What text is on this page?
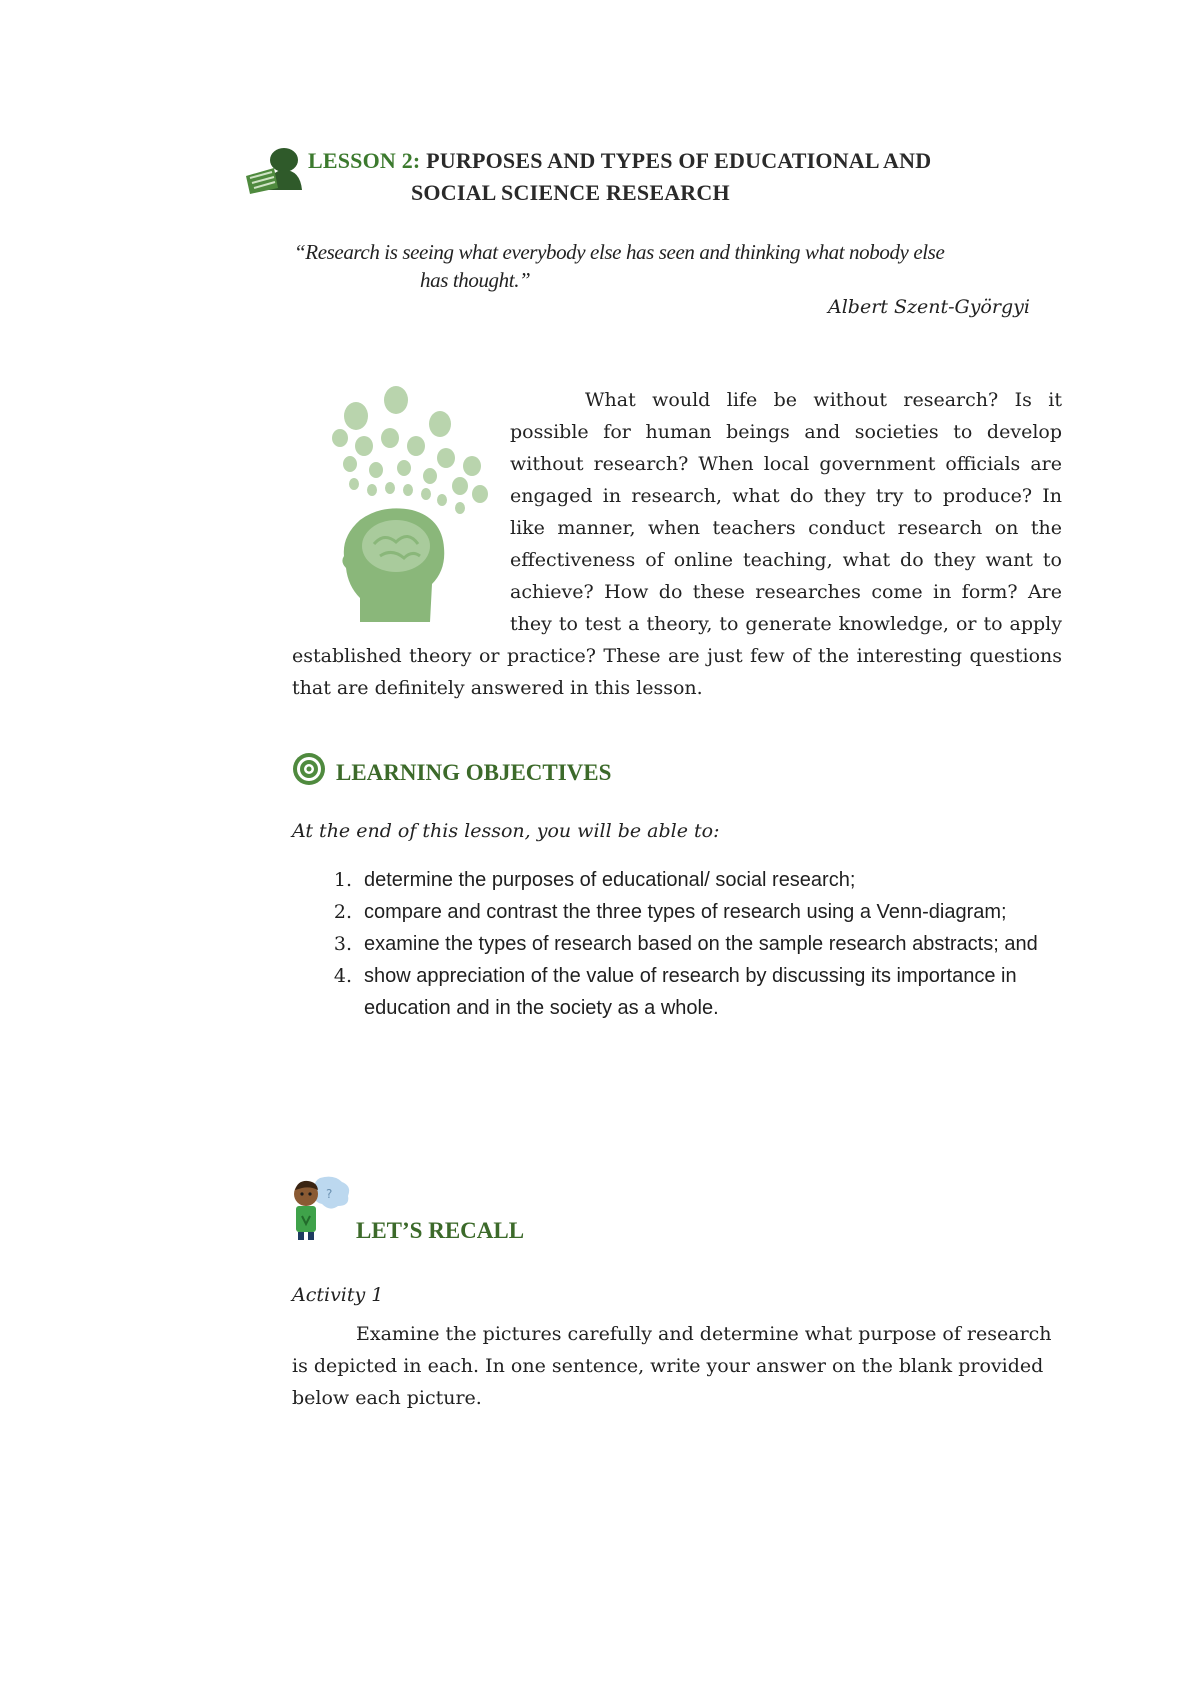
LESSON 2: PURPOSES AND TYPES OF EDUCATIONAL AND
SOCIAL SCIENCE RESEARCH
“Research is seeing what everybody else has seen and thinking what nobody else
has thought.”
Albert Szent-Györgyi

What would life be without research? Is it possible for human beings and societies to develop without research? When local government officials are engaged in research, what do they try to produce? In like manner, when teachers conduct research on the effectiveness of online teaching, what do they want to achieve? How do these researches come in form? Are they to test a theory, to generate knowledge, or to apply established theory or practice? These are just few of the interesting questions that are definitely answered in this lesson.

LEARNING OBJECTIVES
At the end of this lesson, you will be able to:
1. determine the purposes of educational/ social research;
2. compare and contrast the three types of research using a Venn-diagram;
3. examine the types of research based on the sample research abstracts; and
4. show appreciation of the value of research by discussing its importance in education and in the society as a whole.
?
LET’S RECALL
Activity 1

Examine the pictures carefully and determine what purpose of research is depicted in each. In one sentence, write your answer on the blank provided below each picture.
